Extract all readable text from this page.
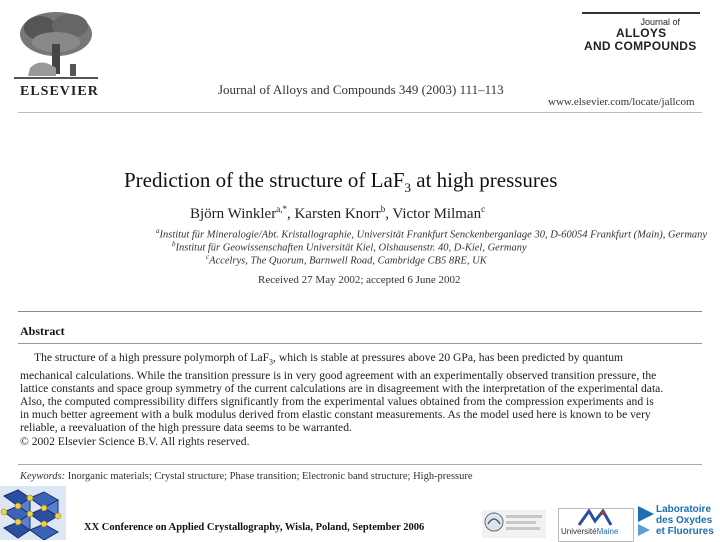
ELSEVIER	Journal of Alloys and Compounds 349 (2003) 111–113
Journal of
ALLOYS
AND COMPOUNDS
www.elsevier.com/locate/jallcom
Prediction of the structure of LaF$_3$ at high pressures
Björn Winkler$^{a,*}$, Karsten Knorr$^b$, Victor Milman$^c$
$^a$Institut für Mineralogie/Abt. Kristallographie, Universität Frankfurt Senckenberganlage 30, D-60054 Frankfurt (Main), Germany
$^b$Institut für Geowissenschaften Universität Kiel, Olshausenstr. 40, D-Kiel, Germany
$^c$Accelrys, The Quorum, Barnwell Road, Cambridge CB5 8RE, UK
Received 27 May 2002; accepted 6 June 2002
Abstract
The structure of a high pressure polymorph of LaF$_3$, which is stable at pressures above 20 GPa, has been predicted by quantum
mechanical calculations. While the transition pressure is in very good agreement with an experimentally observed transition pressure, the
lattice constants and space group symmetry of the current calculations are in disagreement with the interpretation of the experimental data.
Also, the computed compressibility differs significantly from the experimental values obtained from the compression experiments and is
in much better agreement with a bulk modulus derived from elastic constant measurements. As the model used here is known to be very
reliable, a reevaluation of the high pressure data seems to be warranted.
© 2002 Elsevier Science B.V. All rights reserved.
Keywords: Inorganic materials; Crystal structure; Phase transition; Electronic band structure; High-pressure
XX Conference on Applied Crystallography, Wisla, Poland, September 2006	UniversitéMaine
Laboratoire
des Oxydes
et Fluorures
